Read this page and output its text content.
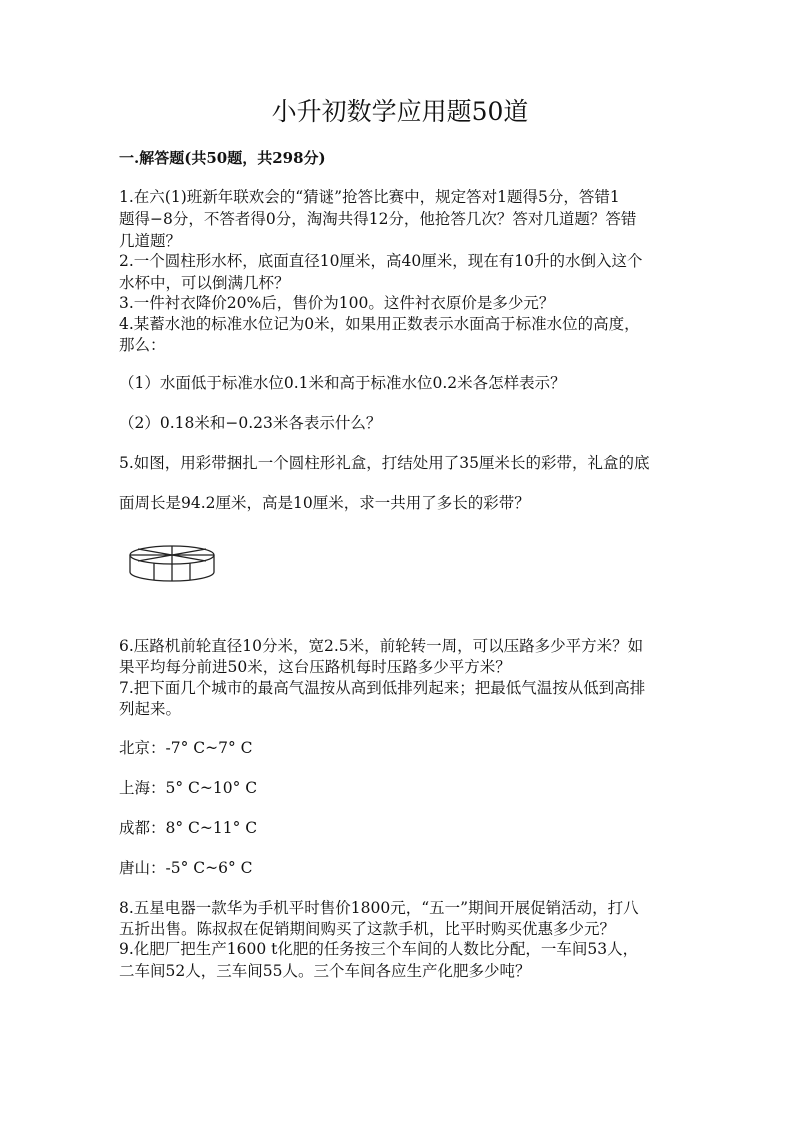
小升初数学应用题50道
一.解答题(共50题，共298分)
1.在六(1)班新年联欢会的“猜谜”抢答比赛中，规定答对1题得5分，答错1
题得−8分，不答者得0分，淘淘共得12分，他抢答几次？答对几道题？答错
几道题？
2.一个圆柱形水杯，底面直径10厘米，高40厘米，现在有10升的水倒入这个
水杯中，可以倒满几杯？
3.一件衬衣降价20%后，售价为100。这件衬衣原价是多少元？
4.某蓄水池的标准水位记为0米，如果用正数表示水面高于标准水位的高度，
那么：
（1）水面低于标准水位0.1米和高于标准水位0.2米各怎样表示？
（2）0.18米和−0.23米各表示什么？
5.如图，用彩带捆扎一个圆柱形礼盒，打结处用了35厘米长的彩带，礼盒的底
面周长是94.2厘米，高是10厘米，求一共用了多长的彩带？
6.压路机前轮直径10分米，宽2.5米，前轮转一周，可以压路多少平方米？如
果平均每分前进50米，这台压路机每时压路多少平方米？
7.把下面几个城市的最高气温按从高到低排列起来；把最低气温按从低到高排
列起来。
北京：-7° C~7° C
上海：5° C~10° C
成都：8° C~11° C
唐山：-5° C~6° C
8.五星电器一款华为手机平时售价1800元，“五一”期间开展促销活动，打八
五折出售。陈叔叔在促销期间购买了这款手机，比平时购买优惠多少元？
9.化肥厂把生产1600 t化肥的任务按三个车间的人数比分配，一车间53人，
二车间52人，三车间55人。三个车间各应生产化肥多少吨？
